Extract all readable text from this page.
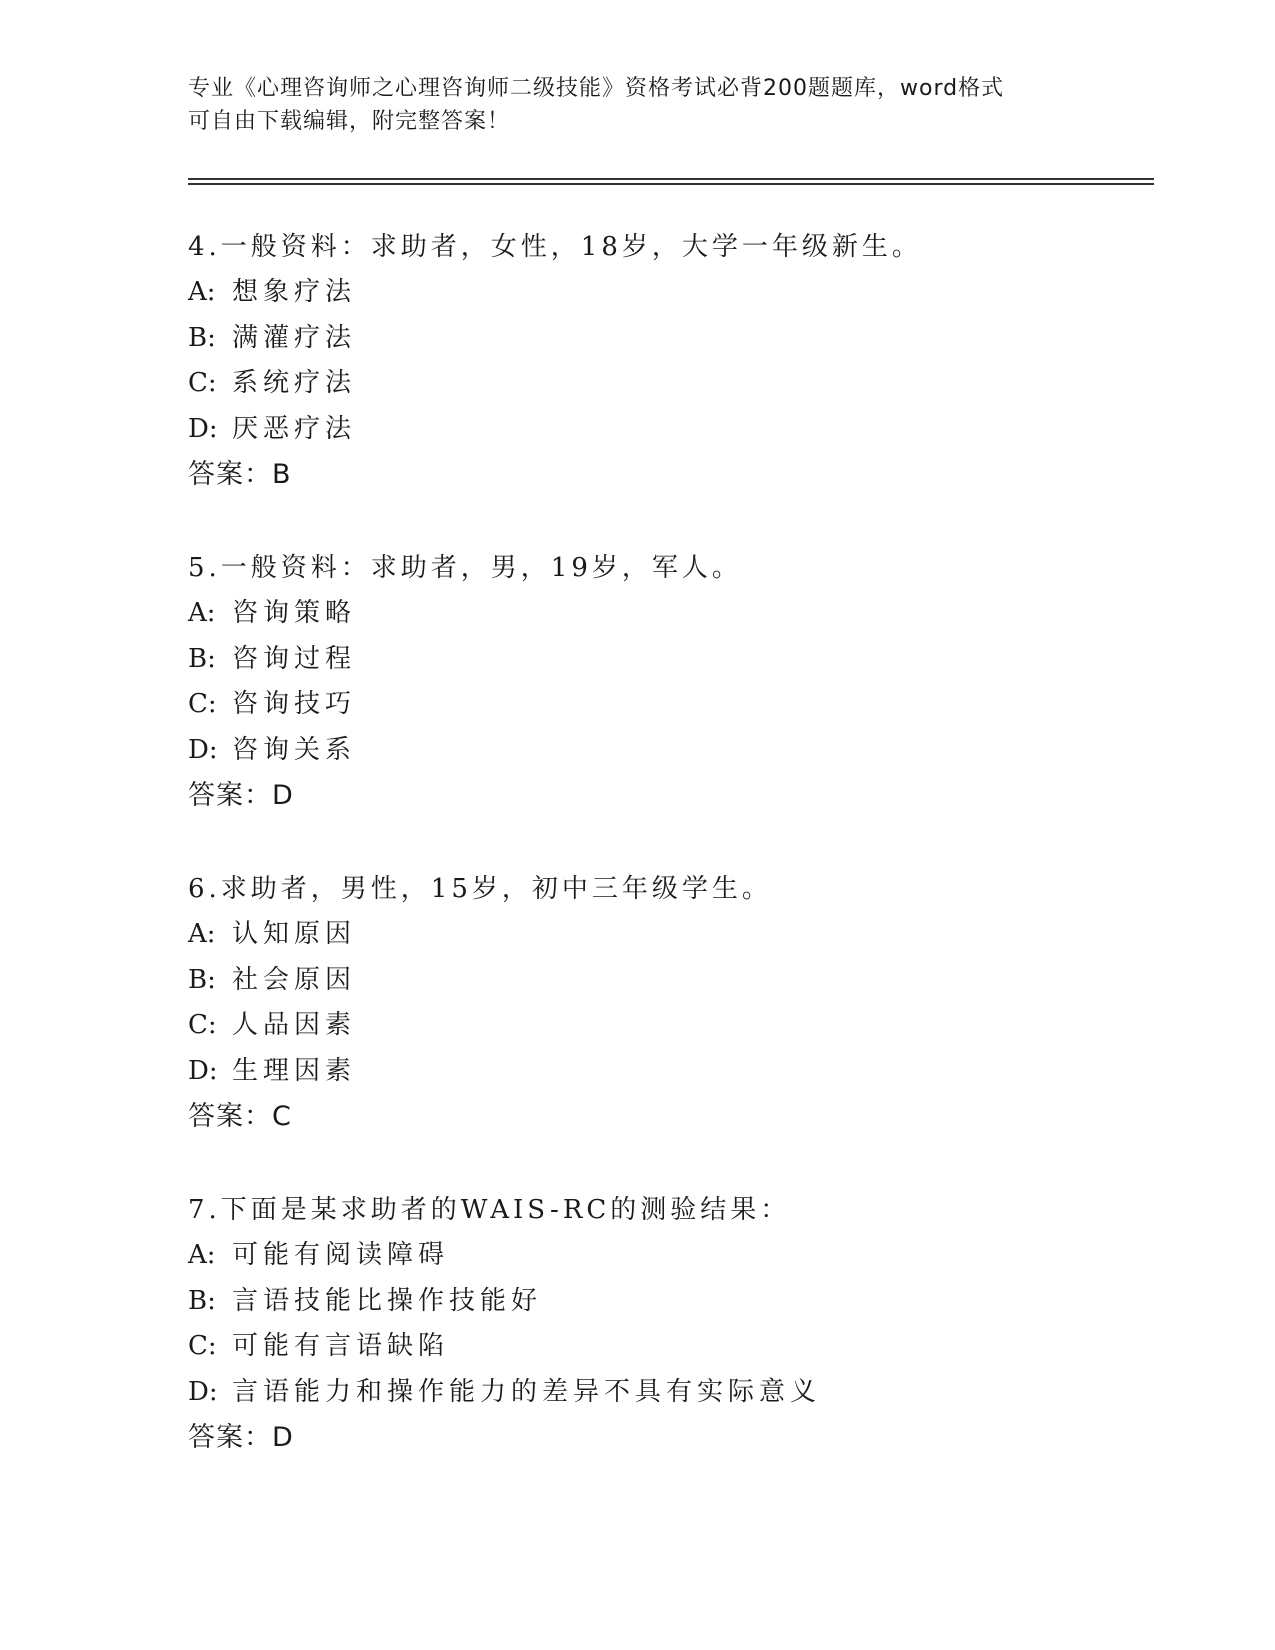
专业《心理咨询师之心理咨询师二级技能》资格考试必背200题题库，word格式
可自由下载编辑，附完整答案！
4.一般资料：求助者，女性，18岁，大学一年级新生。
A: 想象疗法
B: 满灌疗法
C: 系统疗法
D: 厌恶疗法
答案：B
5.一般资料：求助者，男，19岁，军人。
A: 咨询策略
B: 咨询过程
C: 咨询技巧
D: 咨询关系
答案：D
6.求助者，男性，15岁，初中三年级学生。
A: 认知原因
B: 社会原因
C: 人品因素
D: 生理因素
答案：C
7.下面是某求助者的WAIS-RC的测验结果：
A: 可能有阅读障碍
B: 言语技能比操作技能好
C: 可能有言语缺陷
D: 言语能力和操作能力的差异不具有实际意义
答案：D
